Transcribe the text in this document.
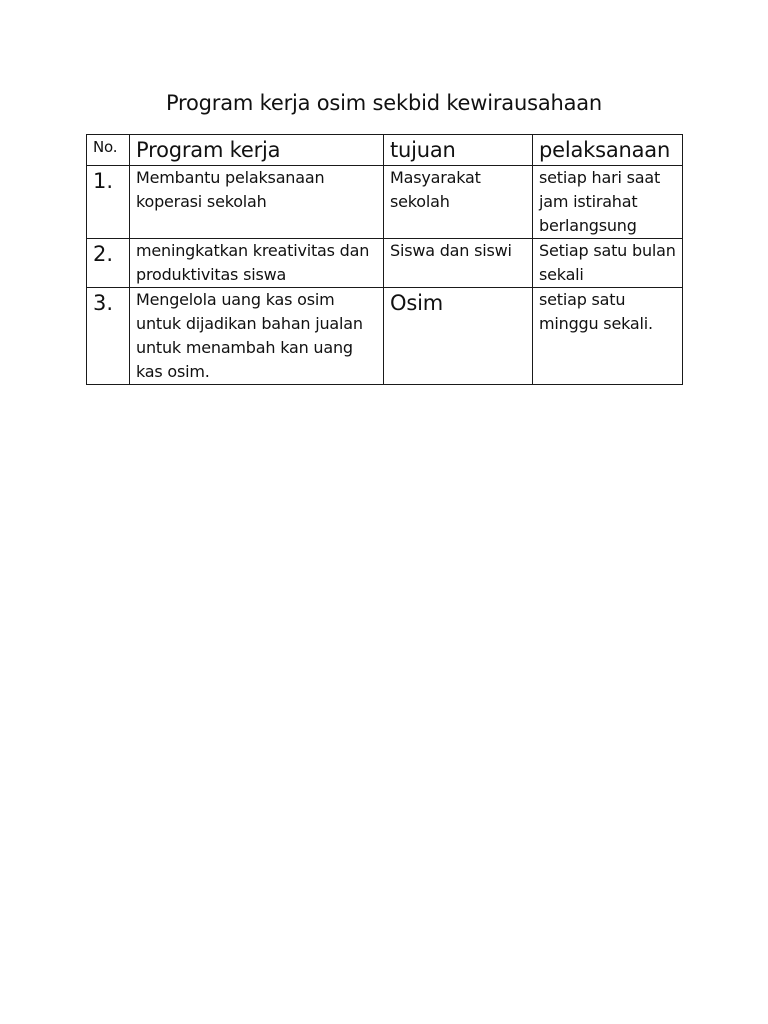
Program kerja osim sekbid kewirausahaan
No.	Program kerja	tujuan	pelaksanaan
1.	Membantu pelaksanaan koperasi sekolah	Masyarakat sekolah	setiap hari saat jam istirahat berlangsung
2.	meningkatkan kreativitas dan produktivitas siswa	Siswa dan siswi	Setiap satu bulan sekali
3.	Mengelola uang kas osim untuk dijadikan bahan jualan untuk menambah kan uang kas osim.	Osim	setiap satu minggu sekali.
